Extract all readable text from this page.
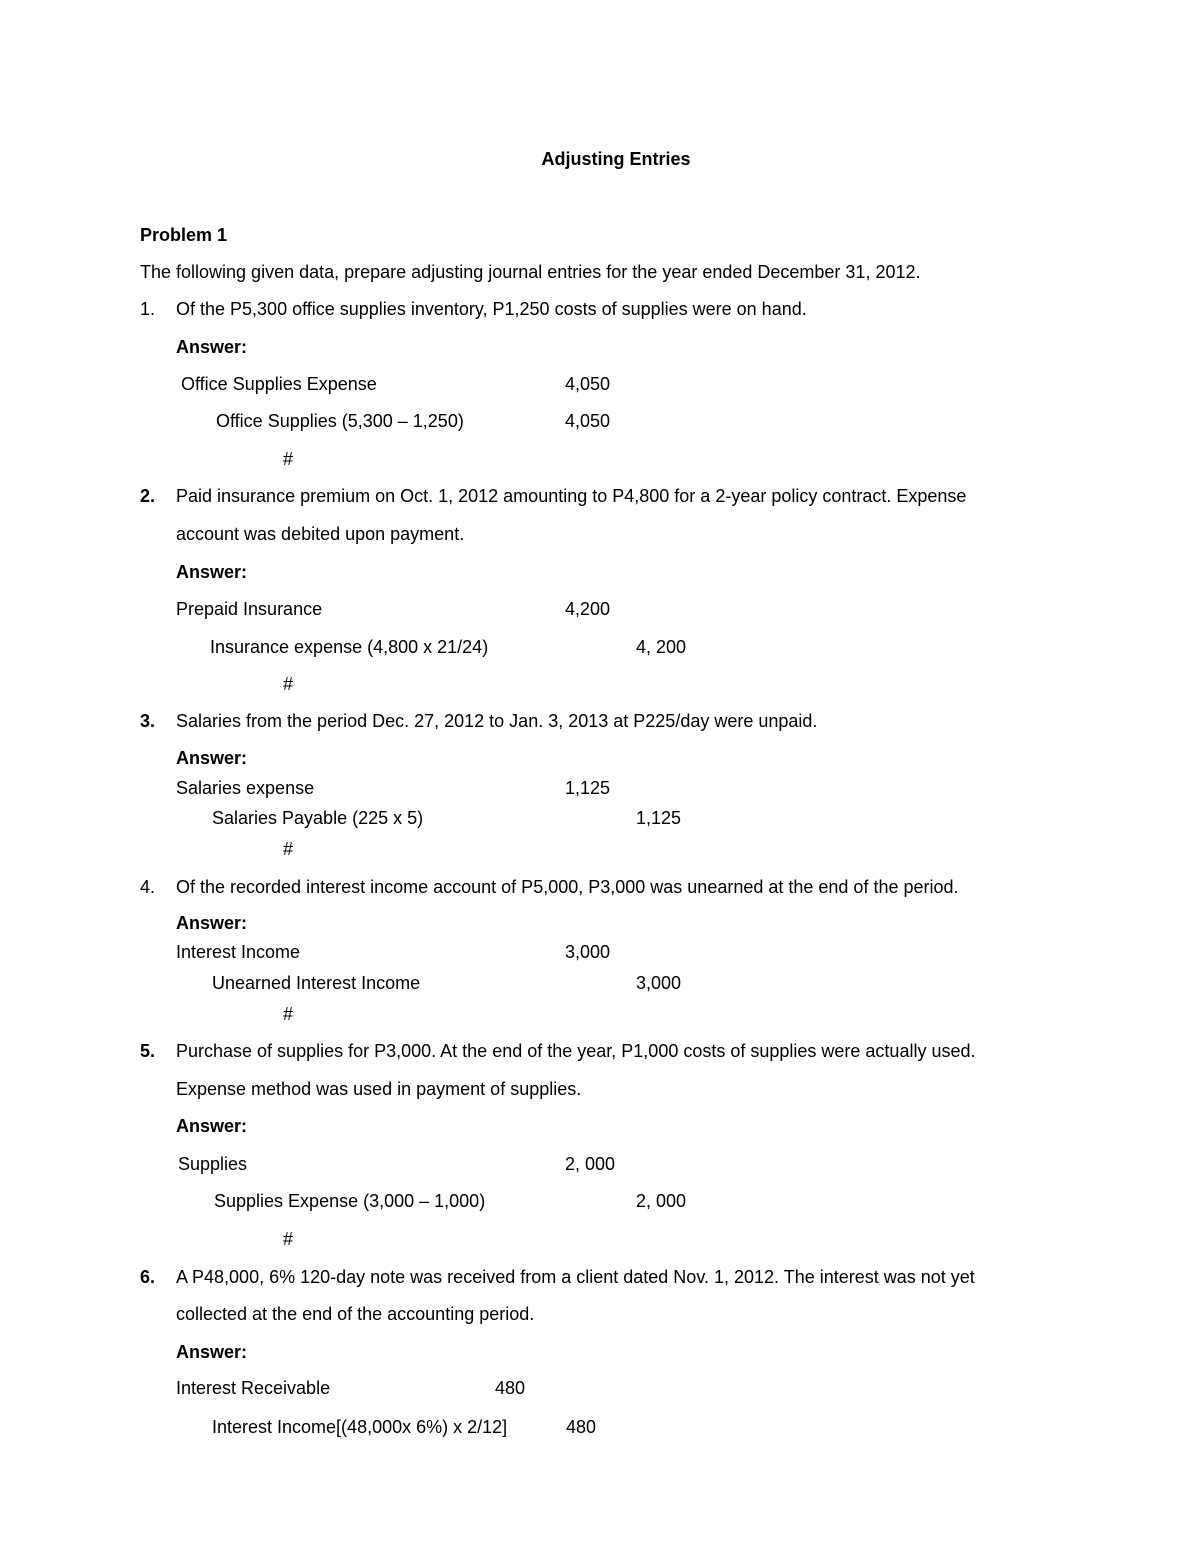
Adjusting Entries
Problem 1
The following given data, prepare adjusting journal entries for the year ended December 31, 2012.
1. Of the P5,300 office supplies inventory, P1,250 costs of supplies were on hand.
Answer:
Office Supplies Expense	4,050
Office Supplies (5,300 – 1,250)	4,050
#
2. Paid insurance premium on Oct. 1, 2012 amounting to P4,800 for a 2-year policy contract. Expense
account was debited upon payment.
Answer:
Prepaid Insurance	4,200
Insurance expense (4,800 x 21/24)	4, 200
#
3. Salaries from the period Dec. 27, 2012 to Jan. 3, 2013 at P225/day were unpaid.
Answer:
Salaries expense	1,125
Salaries Payable (225 x 5)	1,125
#
4. Of the recorded interest income account of P5,000, P3,000 was unearned at the end of the period.
Answer:
Interest Income	3,000
Unearned Interest Income	3,000
#
5. Purchase of supplies for P3,000. At the end of the year, P1,000 costs of supplies were actually used.
Expense method was used in payment of supplies.
Answer:
Supplies	2, 000
Supplies Expense (3,000 – 1,000)	2, 000
#
6. A P48,000, 6% 120-day note was received from a client dated Nov. 1, 2012. The interest was not yet
collected at the end of the accounting period.
Answer:
Interest Receivable	480
Interest Income[(48,000x 6%) x 2/12]	480
